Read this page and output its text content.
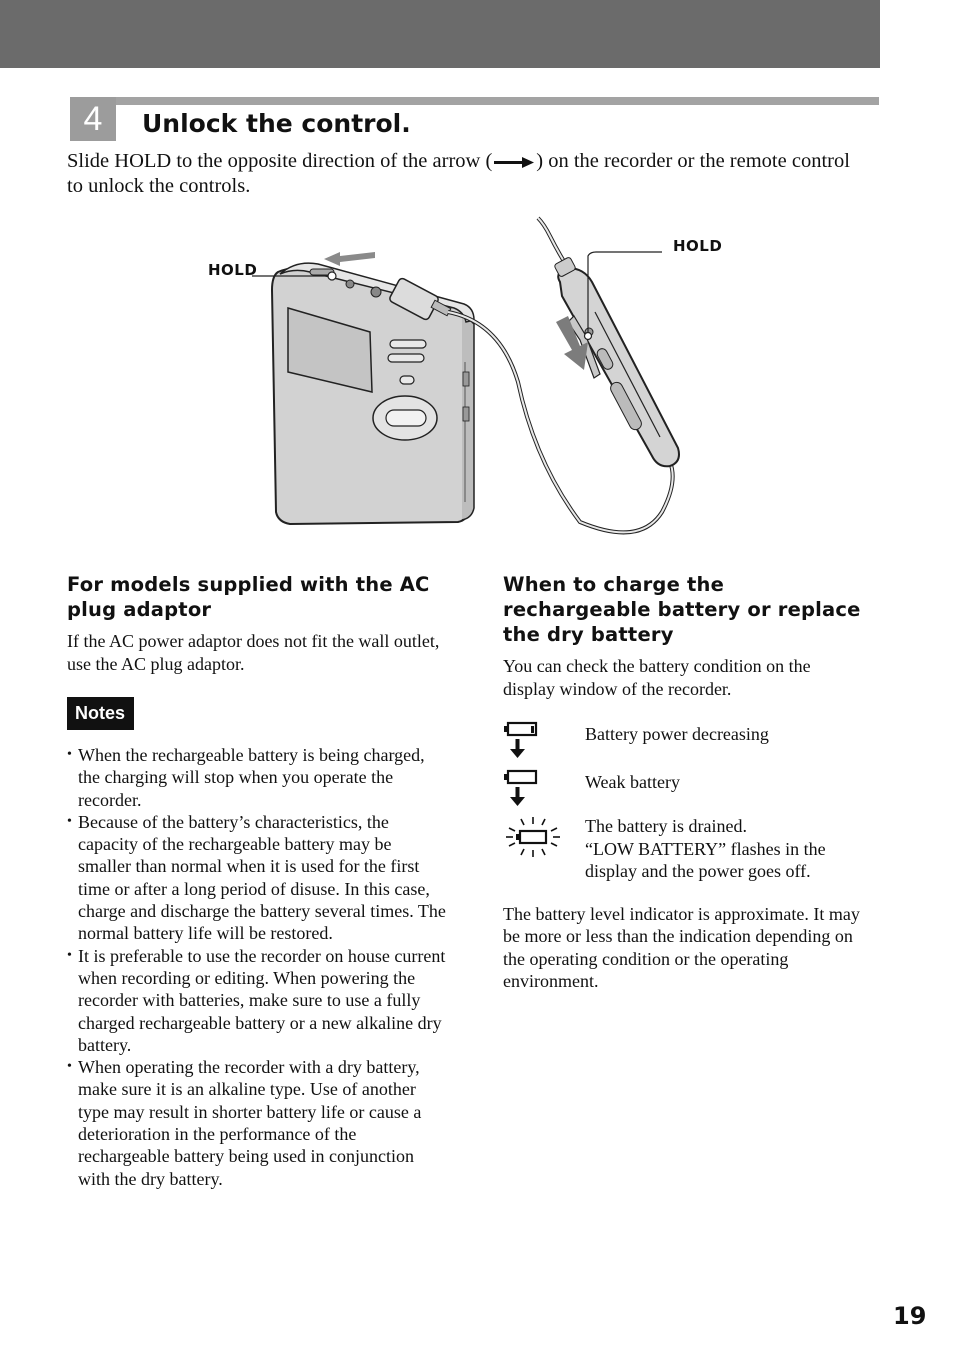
4	Unlock the control.

Slide HOLD to the opposite direction of the arrow ( ) on the recorder or the remote control to unlock the controls.

HOLD
HOLD
For models supplied with the AC plug adaptor

If the AC power adaptor does not fit the wall outlet, use the AC plug adaptor.

Notes
• When the rechargeable battery is being charged, the charging will stop when you operate the recorder.
• Because of the battery’s characteristics, the capacity of the rechargeable battery may be smaller than normal when it is used for the first time or after a long period of disuse. In this case, charge and discharge the battery several times. The normal battery life will be restored.
• It is preferable to use the recorder on house current when recording or editing. When powering the recorder with batteries, make sure to use a fully charged rechargeable battery or a new alkaline dry battery.
• When operating the recorder with a dry battery, make sure it is an alkaline type. Use of another type may result in shorter battery life or cause a deterioration in the performance of the rechargeable battery being used in conjunction with the dry battery.
When to charge the rechargeable battery or replace the dry battery

You can check the battery condition on the display window of the recorder.

Battery power decreasing
Weak battery
The battery is drained.
“LOW BATTERY” flashes in the display and the power goes off.

The battery level indicator is approximate. It may be more or less than the indication depending on the operating condition or the operating environment.

19
